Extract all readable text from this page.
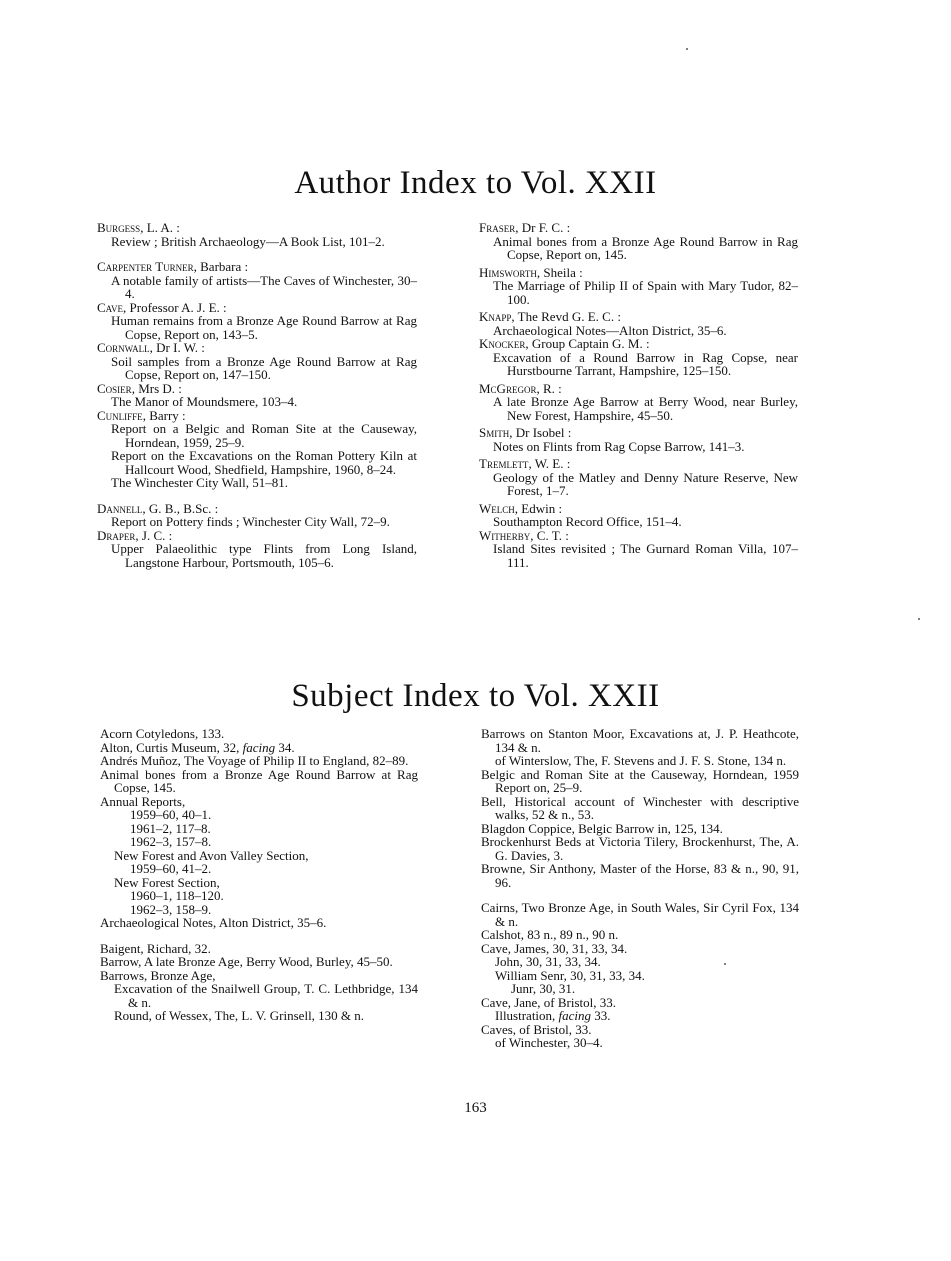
Author Index to Vol. XXII
Burgess, L. A. :
Review ; British Archaeology—A Book List, 101–2.
Carpenter Turner, Barbara :
A notable family of artists—The Caves of Winchester, 30–4.
Cave, Professor A. J. E. :
Human remains from a Bronze Age Round Barrow at Rag Copse, Report on, 143–5.
Cornwall, Dr I. W. :
Soil samples from a Bronze Age Round Barrow at Rag Copse, Report on, 147–150.
Cosier, Mrs D. :
The Manor of Moundsmere, 103–4.
Cunliffe, Barry :
Report on a Belgic and Roman Site at the Causeway, Horndean, 1959, 25–9.
Report on the Excavations on the Roman Pottery Kiln at Hallcourt Wood, Shedfield, Hampshire, 1960, 8–24.
The Winchester City Wall, 51–81.
Dannell, G. B., B.Sc. :
Report on Pottery finds ; Winchester City Wall, 72–9.
Draper, J. C. :
Upper Palaeolithic type Flints from Long Island, Langstone Harbour, Portsmouth, 105–6.
Fraser, Dr F. C. :
Animal bones from a Bronze Age Round Barrow in Rag Copse, Report on, 145.
Himsworth, Sheila :
The Marriage of Philip II of Spain with Mary Tudor, 82–100.
Knapp, The Revd G. E. C. :
Archaeological Notes—Alton District, 35–6.
Knocker, Group Captain G. M. :
Excavation of a Round Barrow in Rag Copse, near Hurstbourne Tarrant, Hampshire, 125–150.
McGregor, R. :
A late Bronze Age Barrow at Berry Wood, near Burley, New Forest, Hampshire, 45–50.
Smith, Dr Isobel :
Notes on Flints from Rag Copse Barrow, 141–3.
Tremlett, W. E. :
Geology of the Matley and Denny Nature Reserve, New Forest, 1–7.
Welch, Edwin :
Southampton Record Office, 151–4.
Witherby, C. T. :
Island Sites revisited ; The Gurnard Roman Villa, 107–111.
Subject Index to Vol. XXII
Acorn Cotyledons, 133.
Alton, Curtis Museum, 32, facing 34.
Andrés Muñoz, The Voyage of Philip II to England, 82–89.
Animal bones from a Bronze Age Round Barrow at Rag Copse, 145.
Annual Reports,
1959–60, 40–1.
1961–2, 117–8.
1962–3, 157–8.
New Forest and Avon Valley Section,
1959–60, 41–2.
New Forest Section,
1960–1, 118–120.
1962–3, 158–9.
Archaeological Notes, Alton District, 35–6.
Baigent, Richard, 32.
Barrow, A late Bronze Age, Berry Wood, Burley, 45–50.
Barrows, Bronze Age,
Excavation of the Snailwell Group, T. C. Lethbridge, 134 & n.
Round, of Wessex, The, L. V. Grinsell, 130 & n.
Barrows on Stanton Moor, Excavations at, J. P. Heathcote, 134 & n.
of Winterslow, The, F. Stevens and J. F. S. Stone, 134 n.
Belgic and Roman Site at the Causeway, Horndean, 1959 Report on, 25–9.
Bell, Historical account of Winchester with descriptive walks, 52 & n., 53.
Blagdon Coppice, Belgic Barrow in, 125, 134.
Brockenhurst Beds at Victoria Tilery, Brockenhurst, The, A. G. Davies, 3.
Browne, Sir Anthony, Master of the Horse, 83 & n., 90, 91, 96.
Cairns, Two Bronze Age, in South Wales, Sir Cyril Fox, 134 & n.
Calshot, 83 n., 89 n., 90 n.
Cave, James, 30, 31, 33, 34.
John, 30, 31, 33, 34.
William Senr, 30, 31, 33, 34.
Junr, 30, 31.
Cave, Jane, of Bristol, 33.
Illustration, facing 33.
Caves, of Bristol, 33.
of Winchester, 30–4.
163
